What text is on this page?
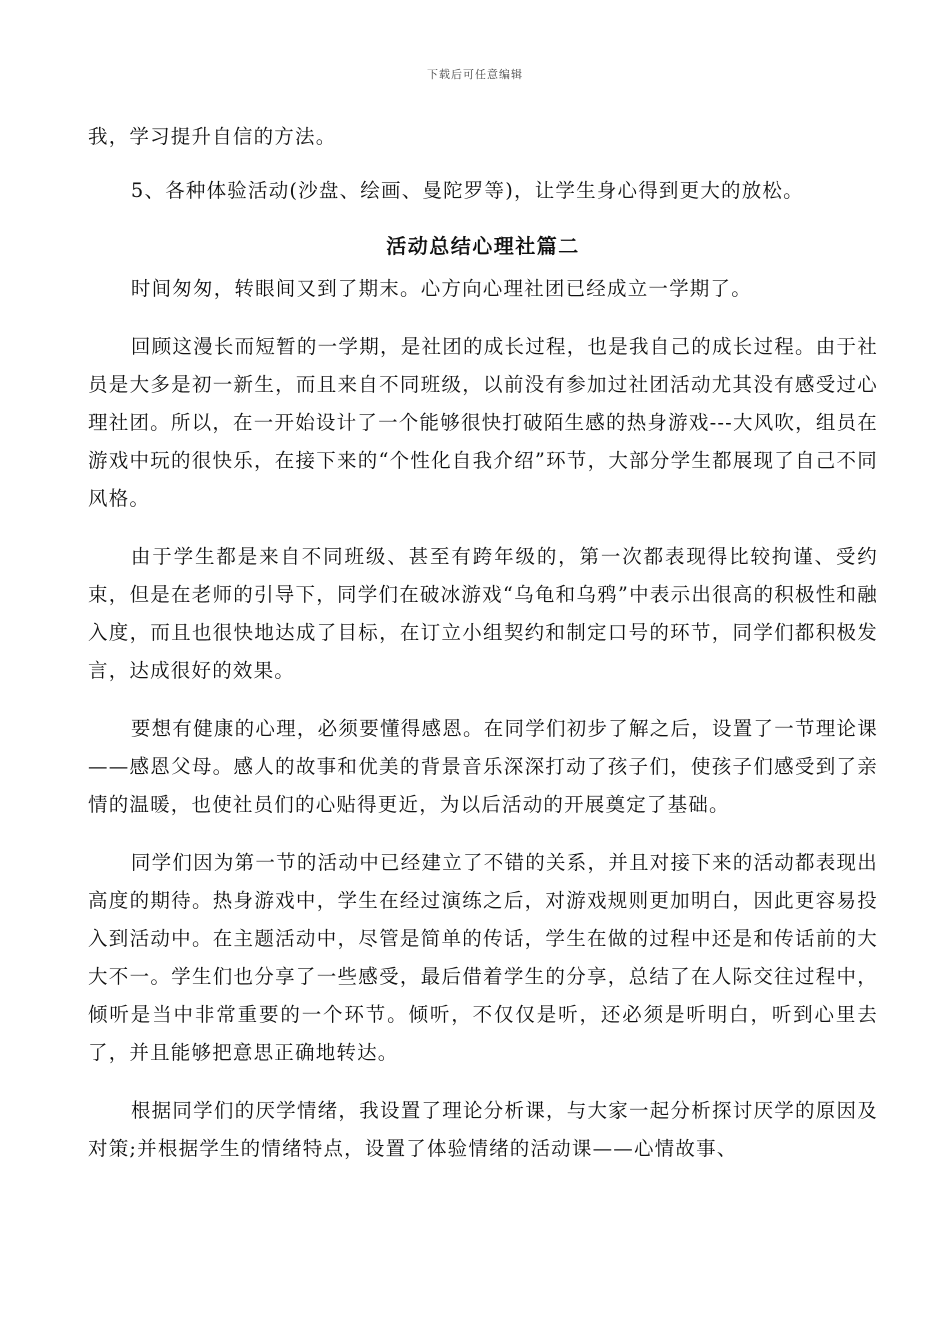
下载后可任意编辑

我，学习提升自信的方法。

5、各种体验活动(沙盘、绘画、曼陀罗等)，让学生身心得到更大的放松。

活动总结心理社篇二

时间匆匆，转眼间又到了期末。心方向心理社团已经成立一学期了。

回顾这漫长而短暂的一学期，是社团的成长过程，也是我自己的成长过程。由于社员是大多是初一新生，而且来自不同班级，以前没有参加过社团活动尤其没有感受过心理社团。所以，在一开始设计了一个能够很快打破陌生感的热身游戏---大风吹，组员在游戏中玩的很快乐，在接下来的“个性化自我介绍”环节，大部分学生都展现了自己不同风格。

由于学生都是来自不同班级、甚至有跨年级的，第一次都表现得比较拘谨、受约束，但是在老师的引导下，同学们在破冰游戏“乌龟和乌鸦”中表示出很高的积极性和融入度，而且也很快地达成了目标，在订立小组契约和制定口号的环节，同学们都积极发言，达成很好的效果。

要想有健康的心理，必须要懂得感恩。在同学们初步了解之后，设置了一节理论课——感恩父母。感人的故事和优美的背景音乐深深打动了孩子们，使孩子们感受到了亲情的温暖，也使社员们的心贴得更近，为以后活动的开展奠定了基础。

同学们因为第一节的活动中已经建立了不错的关系，并且对接下来的活动都表现出高度的期待。热身游戏中，学生在经过演练之后，对游戏规则更加明白，因此更容易投入到活动中。在主题活动中，尽管是简单的传话，学生在做的过程中还是和传话前的大大不一。学生们也分享了一些感受，最后借着学生的分享，总结了在人际交往过程中，倾听是当中非常重要的一个环节。倾听，不仅仅是听，还必须是听明白，听到心里去了，并且能够把意思正确地转达。

根据同学们的厌学情绪，我设置了理论分析课，与大家一起分析探讨厌学的原因及对策;并根据学生的情绪特点，设置了体验情绪的活动课——心情故事、
